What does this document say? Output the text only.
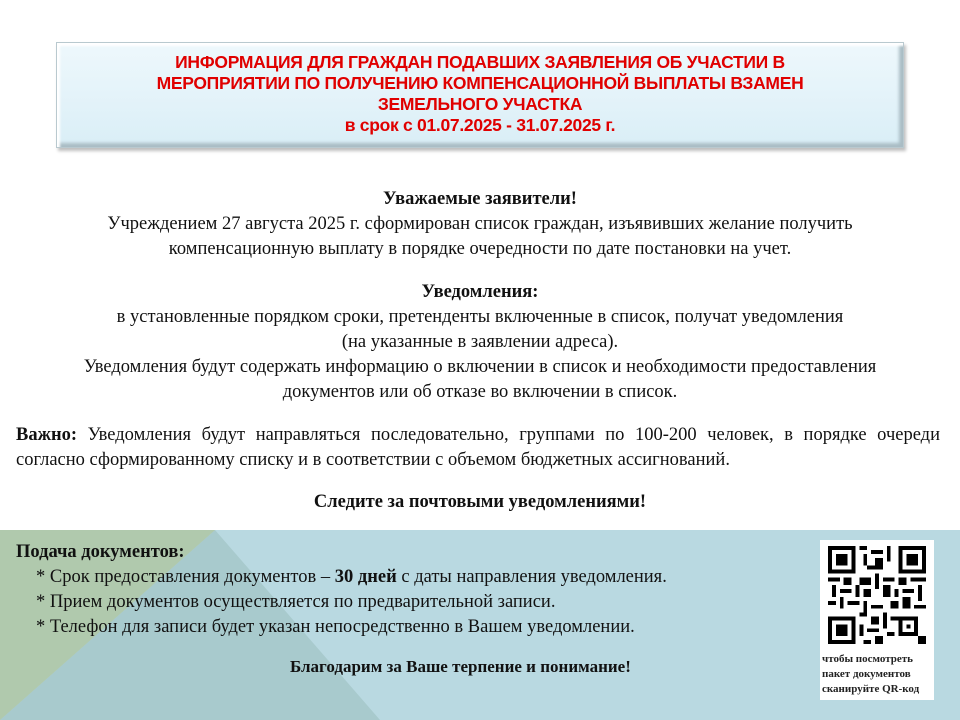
ИНФОРМАЦИЯ ДЛЯ ГРАЖДАН ПОДАВШИХ ЗАЯВЛЕНИЯ ОБ УЧАСТИИ В
МЕРОПРИЯТИИ ПО ПОЛУЧЕНИЮ КОМПЕНСАЦИОННОЙ ВЫПЛАТЫ ВЗАМЕН
ЗЕМЕЛЬНОГО УЧАСТКА
в срок с 01.07.2025 - 31.07.2025 г.
Уважаемые заявители!
Учреждением 27 августа 2025 г. сформирован список граждан, изъявивших желание получить
компенсационную выплату в порядке очередности по дате постановки на учет.
Уведомления:
в установленные порядком сроки, претенденты включенные в список, получат уведомления
(на указанные в заявлении адреса).
Уведомления будут содержать информацию о включении в список и необходимости предоставления
документов или об отказе во включении в список.
Важно: Уведомления будут направляться последовательно, группами по 100-200 человек, в порядке очереди согласно сформированному списку и в соответствии с объемом бюджетных ассигнований.
Следите за почтовыми уведомлениями!
Подача документов:
* Срок предоставления документов – 30 дней с даты направления уведомления.
* Прием документов осуществляется по предварительной записи.
* Телефон для записи будет указан непосредственно в Вашем уведомлении.
Благодарим за Ваше терпение и понимание!	чтобы посмотреть
пакет документов
сканируйте QR-код
